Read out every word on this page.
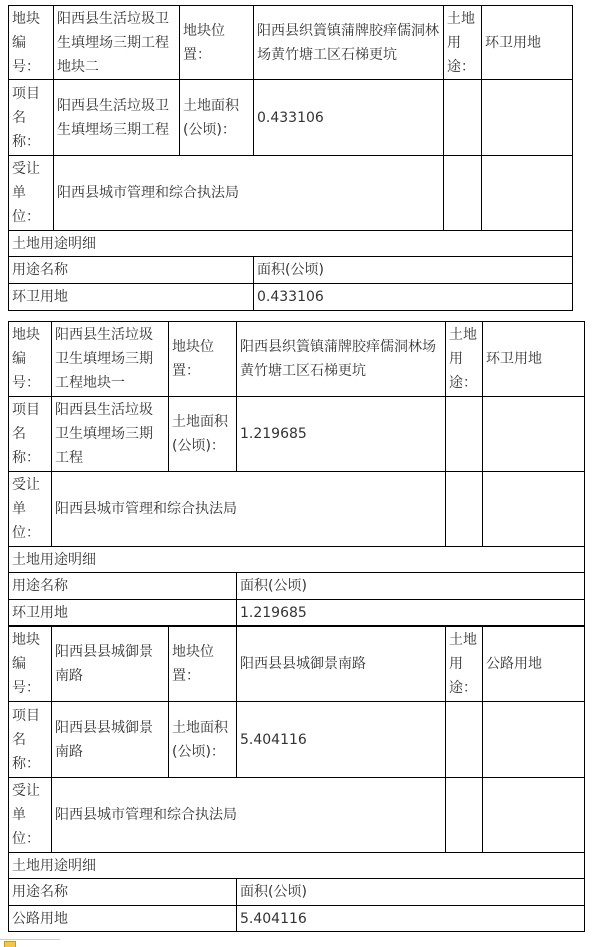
地块编号：	阳西县生活垃圾卫生填埋场三期工程地块二	地块位置：	阳西县织篢镇蒲牌胶痒儒洞林场黄竹塘工区石梯更坑	土地用途：	环卫用地
项目名称：	阳西县生活垃圾卫生填埋场三期工程	土地面积(公顷)：	0.433106		
受让单位：	阳西县城市管理和综合执法局				
土地用途明细					
用途名称			面积(公顷)		
环卫用地			0.433106		
地块编号：	阳西县生活垃圾卫生填埋场三期工程地块一	地块位置：	阳西县织篢镇蒲牌胶痒儒洞林场黄竹塘工区石梯更坑	土地用途：	环卫用地
项目名称：	阳西县生活垃圾卫生填埋场三期工程	土地面积(公顷)：	1.219685		
受让单位：	阳西县城市管理和综合执法局				
土地用途明细					
用途名称			面积(公顷)		
环卫用地			1.219685		
地块编号：	阳西县县城御景南路	地块位置：	阳西县县城御景南路	土地用途：	公路用地
项目名称：	阳西县县城御景南路	土地面积(公顷)：	5.404116		
受让单位：	阳西县城市管理和综合执法局				
土地用途明细					
用途名称			面积(公顷)		
公路用地			5.404116		
